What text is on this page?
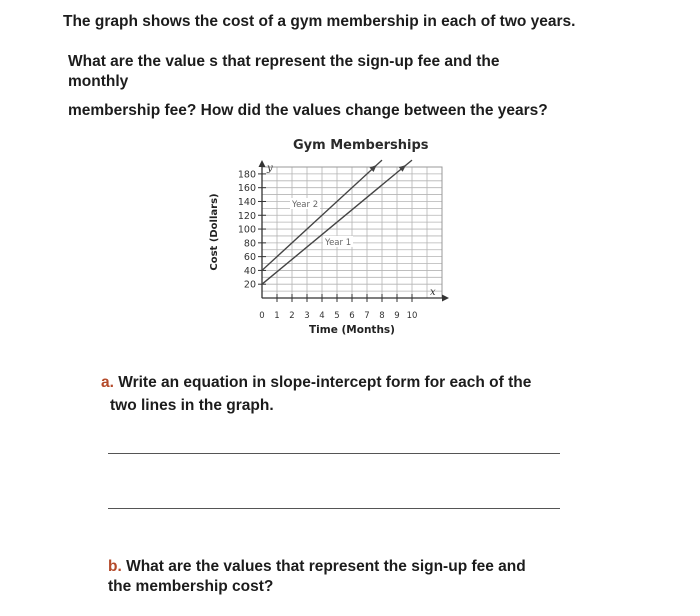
The graph shows the cost of a gym membership in each of two years.

What are the value s that represent the sign-up fee and the

monthly

membership fee? How did the values change between the years?

Gym Memberships
20
40
60
80
100
120
140
160
180
0 1 2 3 4 5 6 7 8 9 10
y
x
Time (Months)
Cost (Dollars)	Year 2
Year 1

a. Write an equation in slope-intercept form for each of the

two lines in the graph.

b. What are the values that represent the sign-up fee and

the membership cost?
